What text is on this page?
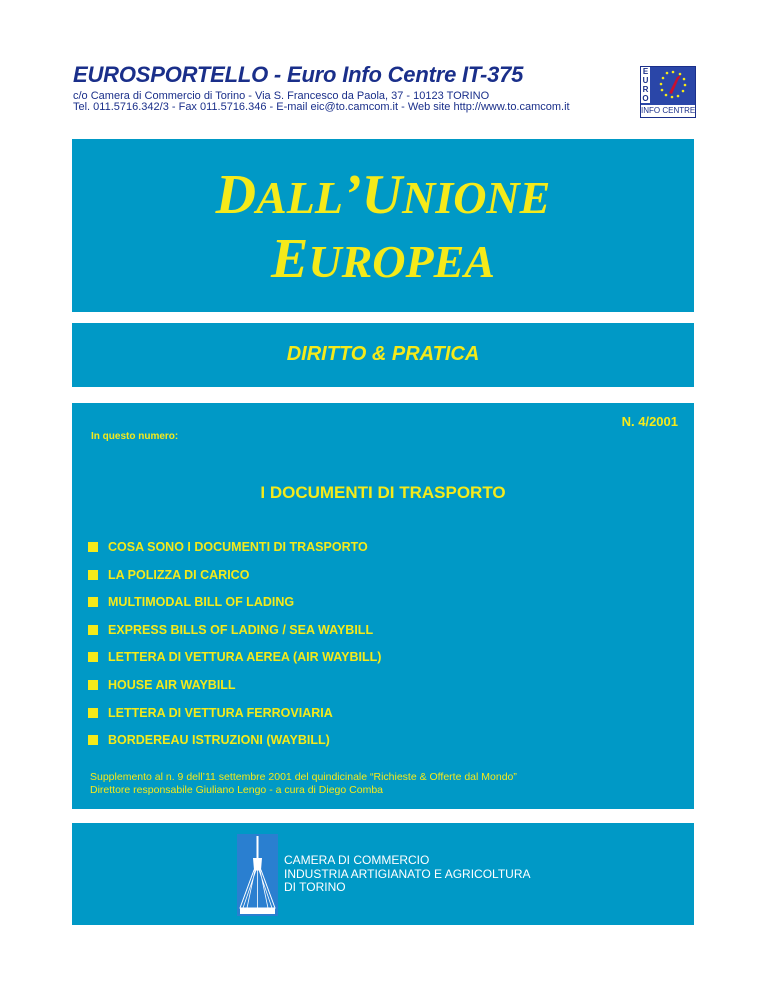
EUROSPORTELLO - Euro Info Centre IT-375
c/o Camera di Commercio di Torino - Via S. Francesco da Paola, 37 - 10123 TORINO
Tel. 011.5716.342/3 - Fax 011.5716.346 - E-mail eic@to.camcom.it - Web site http://www.to.camcom.it
E
U
R
O
INFO CENTRE
DALL’UNIONE
EUROPEA
DIRITTO & PRATICA
N. 4/2001
In questo numero:
I DOCUMENTI DI TRASPORTO
COSA SONO I DOCUMENTI DI TRASPORTO
LA POLIZZA DI CARICO
MULTIMODAL BILL OF LADING
EXPRESS BILLS OF LADING / SEA WAYBILL
LETTERA DI VETTURA AEREA (AIR WAYBILL)
HOUSE AIR WAYBILL
LETTERA DI VETTURA FERROVIARIA
BORDEREAU ISTRUZIONI (WAYBILL)
Supplemento al n. 9 dell’11 settembre 2001 del quindicinale “Richieste & Offerte dal Mondo”
Direttore responsabile Giuliano Lengo - a cura di Diego Comba
CAMERA DI COMMERCIO
INDUSTRIA ARTIGIANATO E AGRICOLTURA
DI TORINO
